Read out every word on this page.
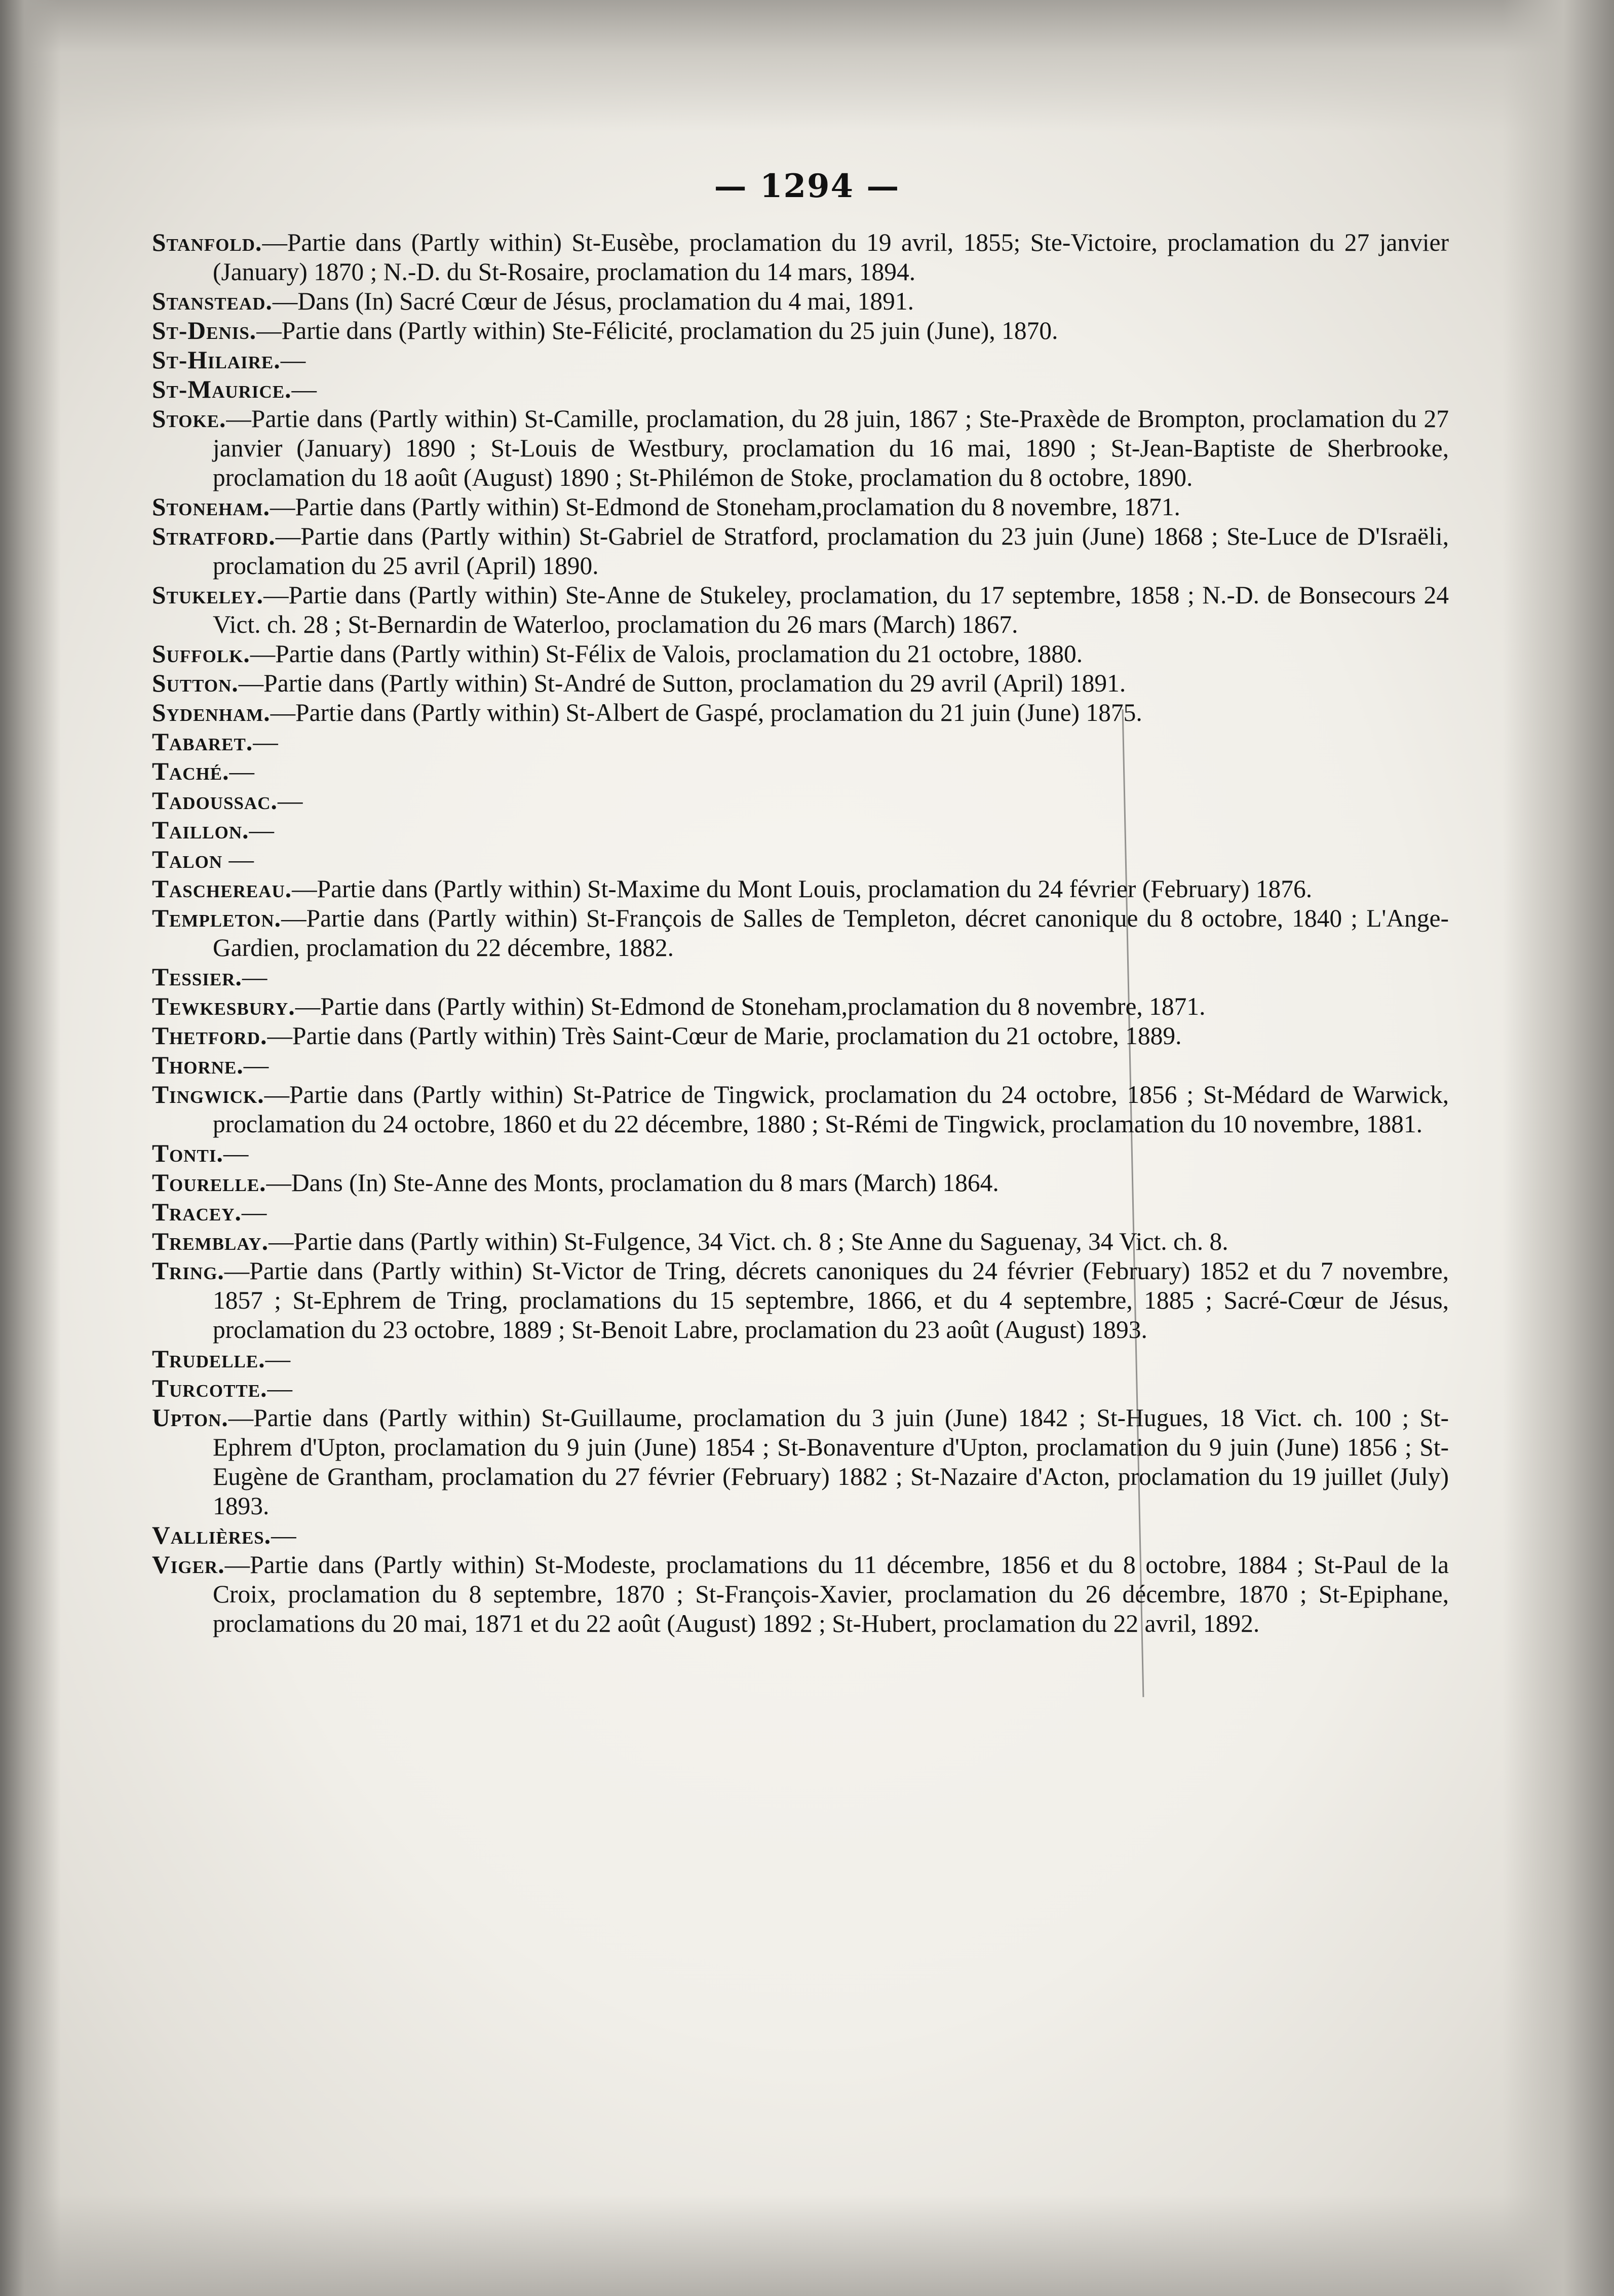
— 1294 —

Stanfold.—Partie dans (Partly within) St-Eusèbe, proclamation du 19 avril, 1855; Ste-Victoire, proclamation du 27 janvier (January) 1870 ; N.-D. du St-Rosaire, proclamation du 14 mars, 1894.

Stanstead.—Dans (In) Sacré Cœur de Jésus, proclamation du 4 mai, 1891.

St-Denis.—Partie dans (Partly within) Ste-Félicité, proclamation du 25 juin (June), 1870.

St-Hilaire.—

St-Maurice.—

Stoke.—Partie dans (Partly within) St-Camille, proclamation, du 28 juin, 1867 ; Ste-Praxède de Brompton, proclamation du 27 janvier (January) 1890 ; St-Louis de Westbury, proclamation du 16 mai, 1890 ; St-Jean-Baptiste de Sherbrooke, proclamation du 18 août (August) 1890 ; St-Philémon de Stoke, proclamation du 8 octobre, 1890.

Stoneham.—Partie dans (Partly within) St-Edmond de Stoneham,proclamation du 8 novembre, 1871.

Stratford.—Partie dans (Partly within) St-Gabriel de Stratford, proclamation du 23 juin (June) 1868 ; Ste-Luce de D'Israëli, proclamation du 25 avril (April) 1890.

Stukeley.—Partie dans (Partly within) Ste-Anne de Stukeley, proclamation, du 17 septembre, 1858 ; N.-D. de Bonsecours 24 Vict. ch. 28 ; St-Bernardin de Waterloo, proclamation du 26 mars (March) 1867.

Suffolk.—Partie dans (Partly within) St-Félix de Valois, proclamation du 21 octobre, 1880.

Sutton.—Partie dans (Partly within) St-André de Sutton, proclamation du 29 avril (April) 1891.

Sydenham.—Partie dans (Partly within) St-Albert de Gaspé, proclamation du 21 juin (June) 1875.

Tabaret.—

Taché.—

Tadoussac.—

Taillon.—

Talon —

Taschereau.—Partie dans (Partly within) St-Maxime du Mont Louis, proclamation du 24 février (February) 1876.

Templeton.—Partie dans (Partly within) St-François de Salles de Templeton, décret canonique du 8 octobre, 1840 ; L'Ange-Gardien, proclamation du 22 décembre, 1882.

Tessier.—

Tewkesbury.—Partie dans (Partly within) St-Edmond de Stoneham,proclamation du 8 novembre, 1871.

Thetford.—Partie dans (Partly within) Très Saint-Cœur de Marie, proclamation du 21 octobre, 1889.

Thorne.—

Tingwick.—Partie dans (Partly within) St-Patrice de Tingwick, proclamation du 24 octobre, 1856 ; St-Médard de Warwick, proclamation du 24 octobre, 1860 et du 22 décembre, 1880 ; St-Rémi de Tingwick, proclamation du 10 novembre, 1881.

Tonti.—

Tourelle.—Dans (In) Ste-Anne des Monts, proclamation du 8 mars (March) 1864.

Tracey.—

Tremblay.—Partie dans (Partly within) St-Fulgence, 34 Vict. ch. 8 ; Ste Anne du Saguenay, 34 Vict. ch. 8.

Tring.—Partie dans (Partly within) St-Victor de Tring, décrets canoniques du 24 février (February) 1852 et du 7 novembre, 1857 ; St-Ephrem de Tring, proclamations du 15 septembre, 1866, et du 4 septembre, 1885 ; Sacré-Cœur de Jésus, proclamation du 23 octobre, 1889 ; St-Benoit Labre, proclamation du 23 août (August) 1893.

Trudelle.—

Turcotte.—

Upton.—Partie dans (Partly within) St-Guillaume, proclamation du 3 juin (June) 1842 ; St-Hugues, 18 Vict. ch. 100 ; St-Ephrem d'Upton, proclamation du 9 juin (June) 1854 ; St-Bonaventure d'Upton, proclamation du 9 juin (June) 1856 ; St-Eugène de Grantham, proclamation du 27 février (February) 1882 ; St-Nazaire d'Acton, proclamation du 19 juillet (July) 1893.

Vallières.—

Viger.—Partie dans (Partly within) St-Modeste, proclamations du 11 décembre, 1856 et du 8 octobre, 1884 ; St-Paul de la Croix, proclamation du 8 septembre, 1870 ; St-François-Xavier, proclamation du 26 décembre, 1870 ; St-Epiphane, proclamations du 20 mai, 1871 et du 22 août (August) 1892 ; St-Hubert, proclamation du 22 avril, 1892.
